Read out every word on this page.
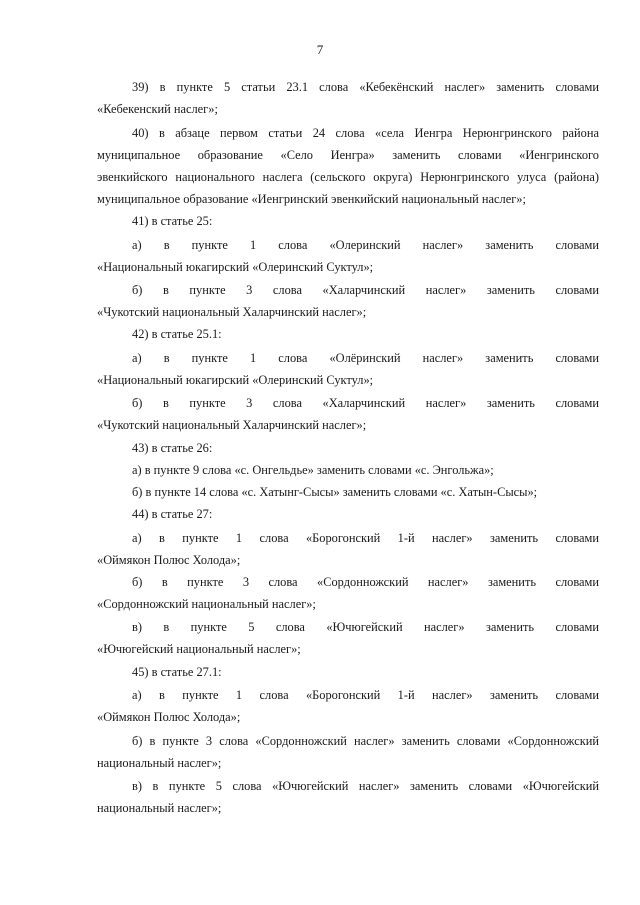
7

39) в пункте 5 статьи 23.1 слова «Кебекёнский наслег» заменить словами

«Кебекенский наслег»;

40) в абзаце первом статьи 24 слова «села Иенгра Нерюнгринского района

муниципальное образование «Село Иенгра» заменить словами «Иенгринского

эвенкийского национального наслега (сельского округа) Нерюнгринского улуса (района)

муниципальное образование «Иенгринский эвенкийский национальный наслег»;

41) в статье 25:

а) в пункте 1 слова «Олеринский наслег» заменить словами

«Национальный юкагирский «Олеринский Суктул»;

б) в пункте 3 слова «Халарчинский наслег» заменить словами

«Чукотский национальный Халарчинский наслег»;

42) в статье 25.1:

а) в пункте 1 слова «Олёринский наслег» заменить словами

«Национальный юкагирский «Олеринский Суктул»;

б) в пункте 3 слова «Халарчинский наслег» заменить словами

«Чукотский национальный Халарчинский наслег»;

43) в статье 26:

а) в пункте 9 слова «с. Онгельдье» заменить словами «с. Энгольжа»;

б) в пункте 14 слова «с. Хатынг-Сысы» заменить словами «с. Хатын-Сысы»;

44) в статье 27:

а) в пункте 1 слова «Борогонский 1-й наслег» заменить словами

«Оймякон Полюс Холода»;

б) в пункте 3 слова «Сордонножский наслег» заменить словами

«Сордонножский национальный наслег»;

в) в пункте 5 слова «Ючюгейский наслег» заменить словами

«Ючюгейский национальный наслег»;

45) в статье 27.1:

а) в пункте 1 слова «Борогонский 1-й наслег» заменить словами

«Оймякон Полюс Холода»;

б) в пункте 3 слова «Сордонножский наслег» заменить словами «Сордонножский

национальный наслег»;

в) в пункте 5 слова «Ючюгейский наслег» заменить словами «Ючюгейский

национальный наслег»;
